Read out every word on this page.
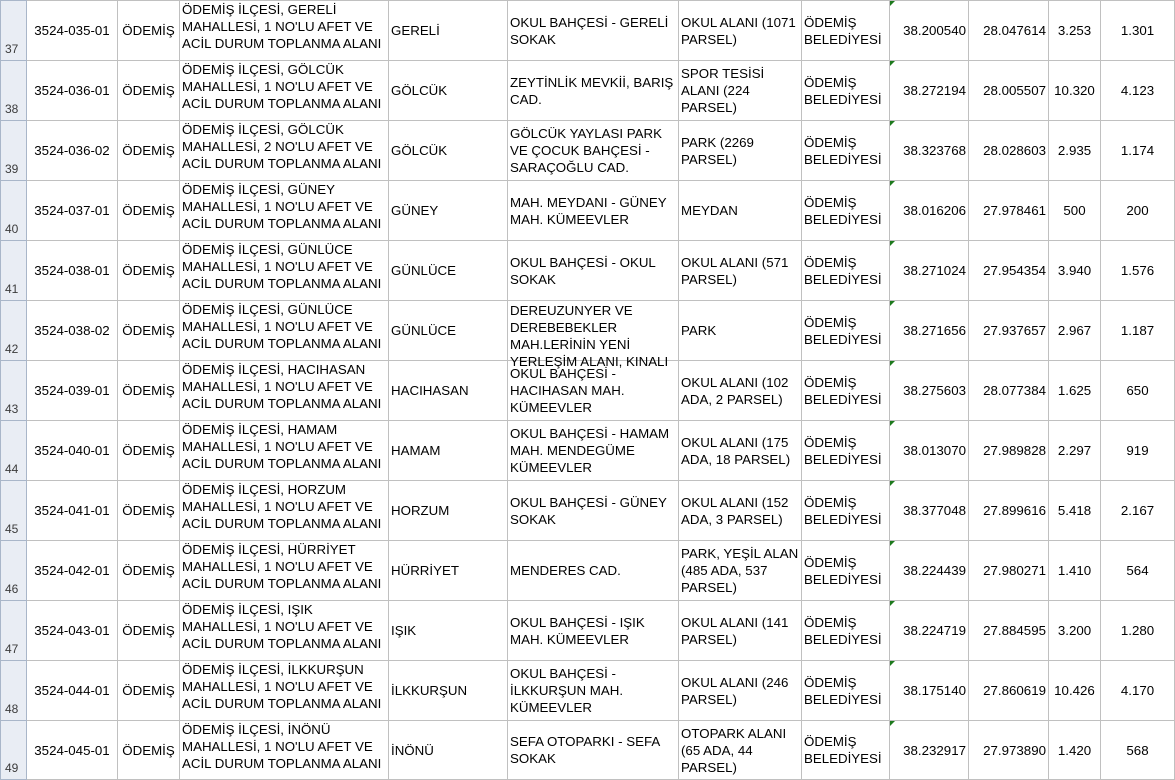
37	3524-035-01	ÖDEMİŞ	ÖDEMİŞ İLÇESİ, GERELİ MAHALLESİ, 1 NO'LU AFET VE ACİL DURUM TOPLANMA ALANI	GERELİ	OKUL BAHÇESİ - GERELİ SOKAK	OKUL ALANI (1071 PARSEL)	ÖDEMİŞ BELEDİYESİ	38.200540	28.047614	3.253	1.301

38	3524-036-01	ÖDEMİŞ	ÖDEMİŞ İLÇESİ, GÖLCÜK MAHALLESİ, 1 NO'LU AFET VE ACİL DURUM TOPLANMA ALANI	GÖLCÜK	ZEYTİNLİK MEVKİİ, BARIŞ CAD.	SPOR TESİSİ ALANI (224 PARSEL)	ÖDEMİŞ BELEDİYESİ	38.272194	28.005507	10.320	4.123

39	3524-036-02	ÖDEMİŞ	ÖDEMİŞ İLÇESİ, GÖLCÜK MAHALLESİ, 2 NO'LU AFET VE ACİL DURUM TOPLANMA ALANI	GÖLCÜK	GÖLCÜK YAYLASI PARK VE ÇOCUK BAHÇESİ - SARAÇOĞLU CAD.	PARK (2269 PARSEL)	ÖDEMİŞ BELEDİYESİ	38.323768	28.028603	2.935	1.174

40	3524-037-01	ÖDEMİŞ	ÖDEMİŞ İLÇESİ, GÜNEY MAHALLESİ, 1 NO'LU AFET VE ACİL DURUM TOPLANMA ALANI	GÜNEY	MAH. MEYDANI - GÜNEY MAH. KÜMEEVLER	MEYDAN	ÖDEMİŞ BELEDİYESİ	38.016206	27.978461	500	200

41	3524-038-01	ÖDEMİŞ	ÖDEMİŞ İLÇESİ, GÜNLÜCE MAHALLESİ, 1 NO'LU AFET VE ACİL DURUM TOPLANMA ALANI	GÜNLÜCE	OKUL BAHÇESİ - OKUL SOKAK	OKUL ALANI (571 PARSEL)	ÖDEMİŞ BELEDİYESİ	38.271024	27.954354	3.940	1.576

42	3524-038-02	ÖDEMİŞ	ÖDEMİŞ İLÇESİ, GÜNLÜCE MAHALLESİ, 1 NO'LU AFET VE ACİL DURUM TOPLANMA ALANI	GÜNLÜCE	DEREUZUNYER VE DEREBEBEKLER MAH.LERİNİN YENİ YERLEŞİM ALANI, KINALI	PARK	ÖDEMİŞ BELEDİYESİ	38.271656	27.937657	2.967	1.187

43	3524-039-01	ÖDEMİŞ	ÖDEMİŞ İLÇESİ, HACIHASAN MAHALLESİ, 1 NO'LU AFET VE ACİL DURUM TOPLANMA ALANI	HACIHASAN	OKUL BAHÇESİ - HACIHASAN MAH. KÜMEEVLER	OKUL ALANI (102 ADA, 2 PARSEL)	ÖDEMİŞ BELEDİYESİ	38.275603	28.077384	1.625	650

44	3524-040-01	ÖDEMİŞ	ÖDEMİŞ İLÇESİ, HAMAM MAHALLESİ, 1 NO'LU AFET VE ACİL DURUM TOPLANMA ALANI	HAMAM	OKUL BAHÇESİ - HAMAM MAH. MENDEGÜME KÜMEEVLER	OKUL ALANI (175 ADA, 18 PARSEL)	ÖDEMİŞ BELEDİYESİ	38.013070	27.989828	2.297	919

45	3524-041-01	ÖDEMİŞ	ÖDEMİŞ İLÇESİ, HORZUM MAHALLESİ, 1 NO'LU AFET VE ACİL DURUM TOPLANMA ALANI	HORZUM	OKUL BAHÇESİ - GÜNEY SOKAK	OKUL ALANI (152 ADA, 3 PARSEL)	ÖDEMİŞ BELEDİYESİ	38.377048	27.899616	5.418	2.167

46	3524-042-01	ÖDEMİŞ	ÖDEMİŞ İLÇESİ, HÜRRİYET MAHALLESİ, 1 NO'LU AFET VE ACİL DURUM TOPLANMA ALANI	HÜRRİYET	MENDERES CAD.	PARK, YEŞİL ALAN (485 ADA, 537 PARSEL)	ÖDEMİŞ BELEDİYESİ	38.224439	27.980271	1.410	564

47	3524-043-01	ÖDEMİŞ	ÖDEMİŞ İLÇESİ, IŞIK MAHALLESİ, 1 NO'LU AFET VE ACİL DURUM TOPLANMA ALANI	IŞIK	OKUL BAHÇESİ - IŞIK MAH. KÜMEEVLER	OKUL ALANI (141 PARSEL)	ÖDEMİŞ BELEDİYESİ	38.224719	27.884595	3.200	1.280

48	3524-044-01	ÖDEMİŞ	ÖDEMİŞ İLÇESİ, İLKKURŞUN MAHALLESİ, 1 NO'LU AFET VE ACİL DURUM TOPLANMA ALANI	İLKKURŞUN	OKUL BAHÇESİ - İLKKURŞUN MAH. KÜMEEVLER	OKUL ALANI (246 PARSEL)	ÖDEMİŞ BELEDİYESİ	38.175140	27.860619	10.426	4.170

49	3524-045-01	ÖDEMİŞ	ÖDEMİŞ İLÇESİ, İNÖNÜ MAHALLESİ, 1 NO'LU AFET VE ACİL DURUM TOPLANMA ALANI	İNÖNÜ	SEFA OTOPARKI - SEFA SOKAK	OTOPARK ALANI (65 ADA, 44 PARSEL)	ÖDEMİŞ BELEDİYESİ	38.232917	27.973890	1.420	568
